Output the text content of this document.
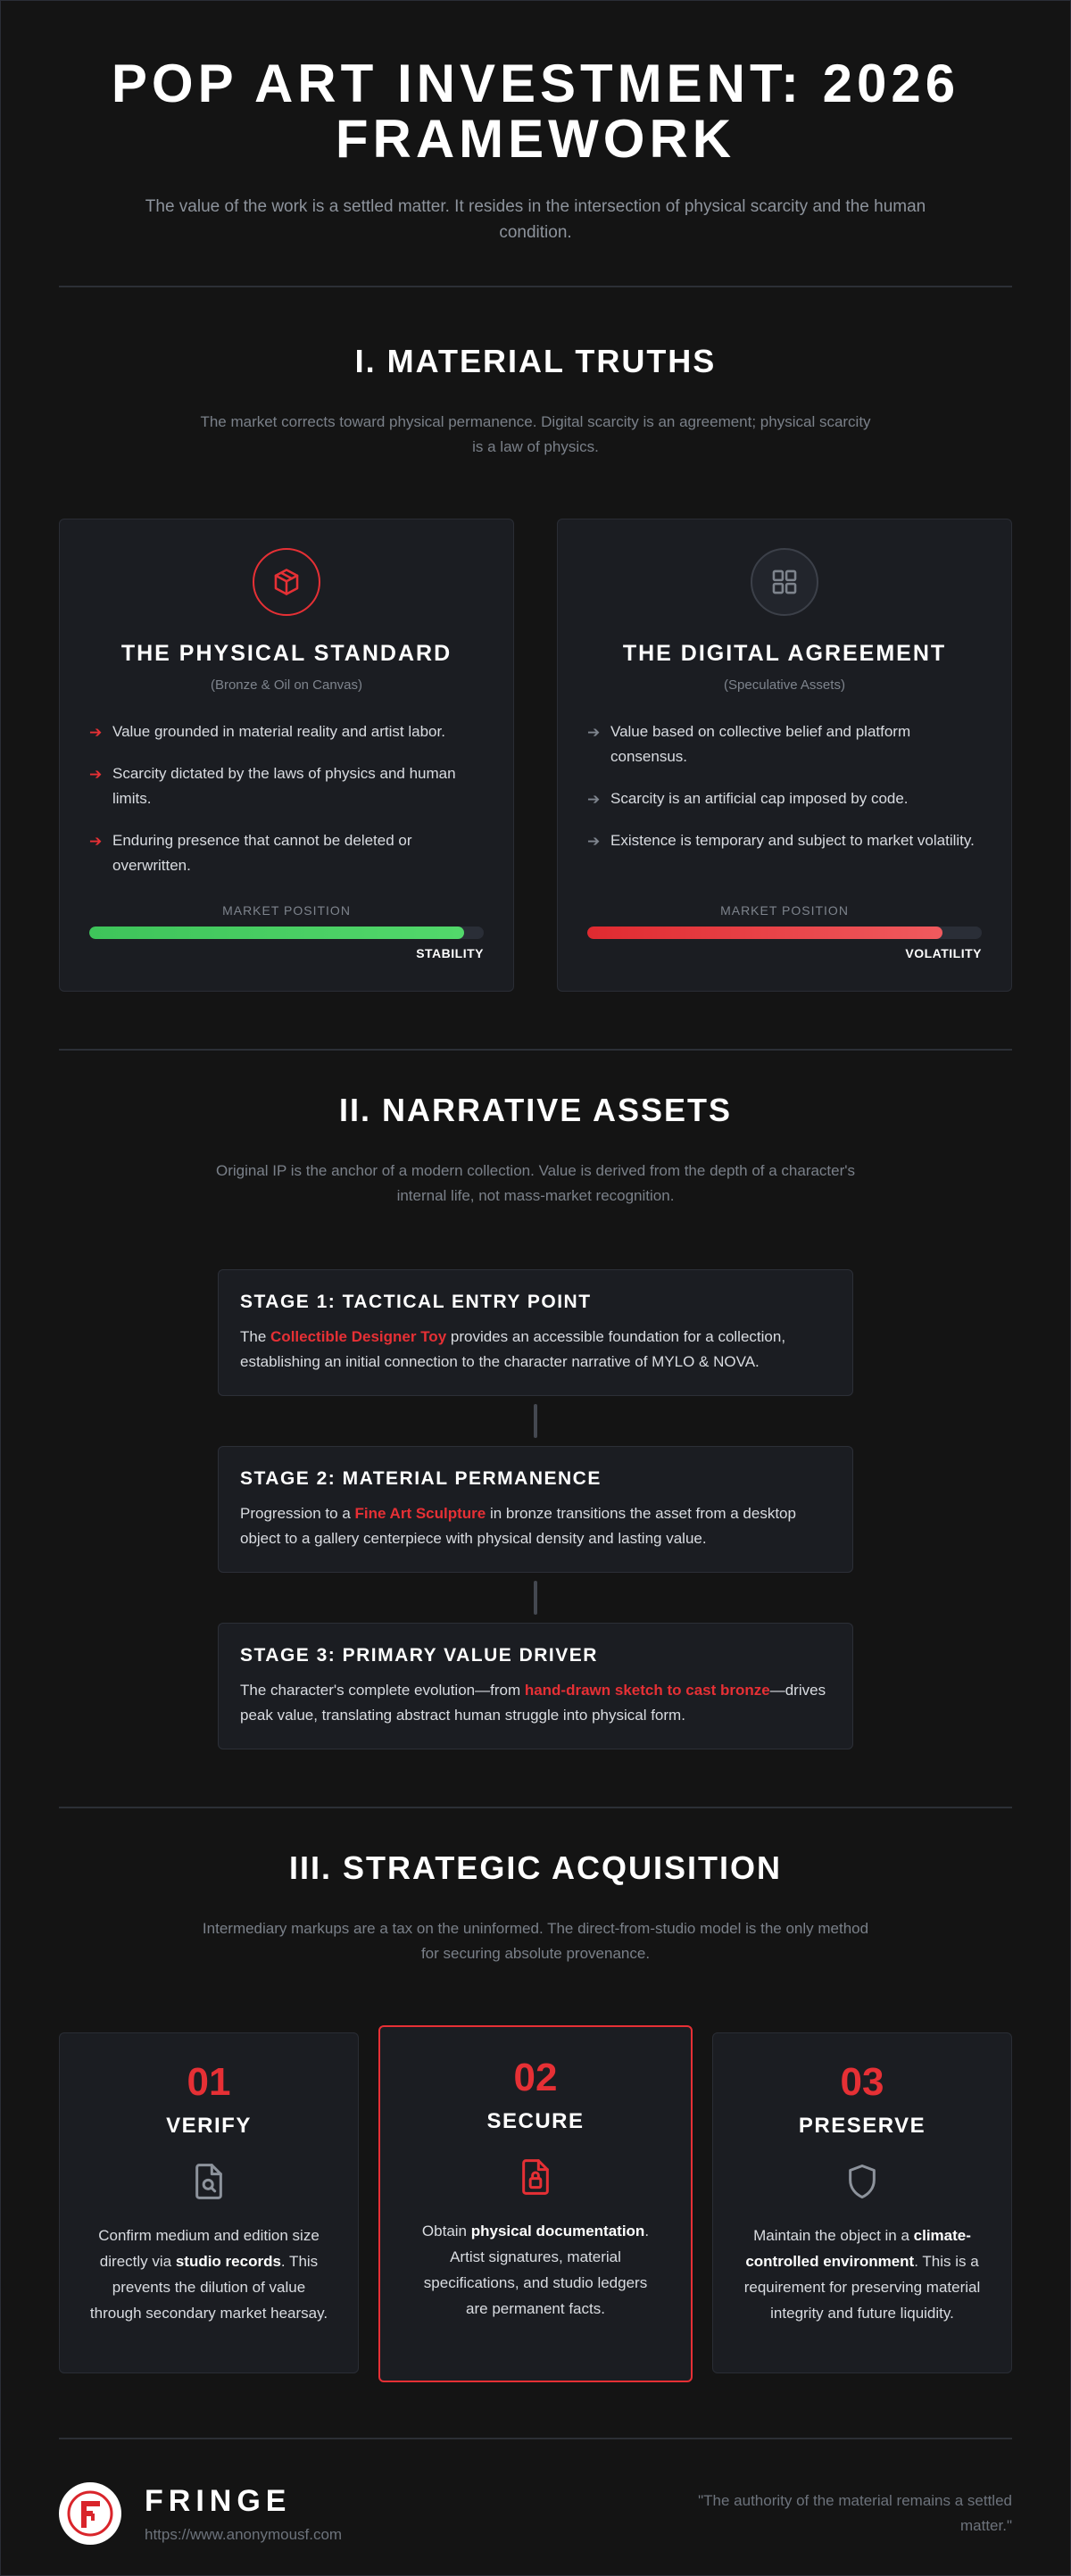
POP ART INVESTMENT: 2026 FRAMEWORK

The value of the work is a settled matter. It resides in the intersection of physical scarcity and the human condition.

I. MATERIAL TRUTHS

The market corrects toward physical permanence. Digital scarcity is an agreement; physical scarcity is a law of physics.

THE PHYSICAL STANDARD
(Bronze & Oil on Canvas)
➔ Value grounded in material reality and artist labor.
➔ Scarcity dictated by the laws of physics and human limits.
➔ Enduring presence that cannot be deleted or overwritten.
MARKET POSITION
STABILITY
THE DIGITAL AGREEMENT
(Speculative Assets)
➔ Value based on collective belief and platform consensus.
➔ Scarcity is an artificial cap imposed by code.
➔ Existence is temporary and subject to market volatility.
MARKET POSITION
VOLATILITY
II. NARRATIVE ASSETS

Original IP is the anchor of a modern collection. Value is derived from the depth of a character's internal life, not mass-market recognition.

STAGE 1: TACTICAL ENTRY POINT

The Collectible Designer Toy provides an accessible foundation for a collection, establishing an initial connection to the character narrative of MYLO & NOVA.

STAGE 2: MATERIAL PERMANENCE

Progression to a Fine Art Sculpture in bronze transitions the asset from a desktop object to a gallery centerpiece with physical density and lasting value.

STAGE 3: PRIMARY VALUE DRIVER

The character's complete evolution—from hand-drawn sketch to cast bronze—drives peak value, translating abstract human struggle into physical form.

III. STRATEGIC ACQUISITION

Intermediary markups are a tax on the uninformed. The direct-from-studio model is the only method for securing absolute provenance.

01
VERIFY

Confirm medium and edition size directly via studio records. This prevents the dilution of value through secondary market hearsay.

02
SECURE

Obtain physical documentation. Artist signatures, material specifications, and studio ledgers are permanent facts.

03
PRESERVE

Maintain the object in a climate-controlled environment. This is a requirement for preserving material integrity and future liquidity.

FRINGE
https://www.anonymousf.com
"The authority of the material remains a settled matter."
